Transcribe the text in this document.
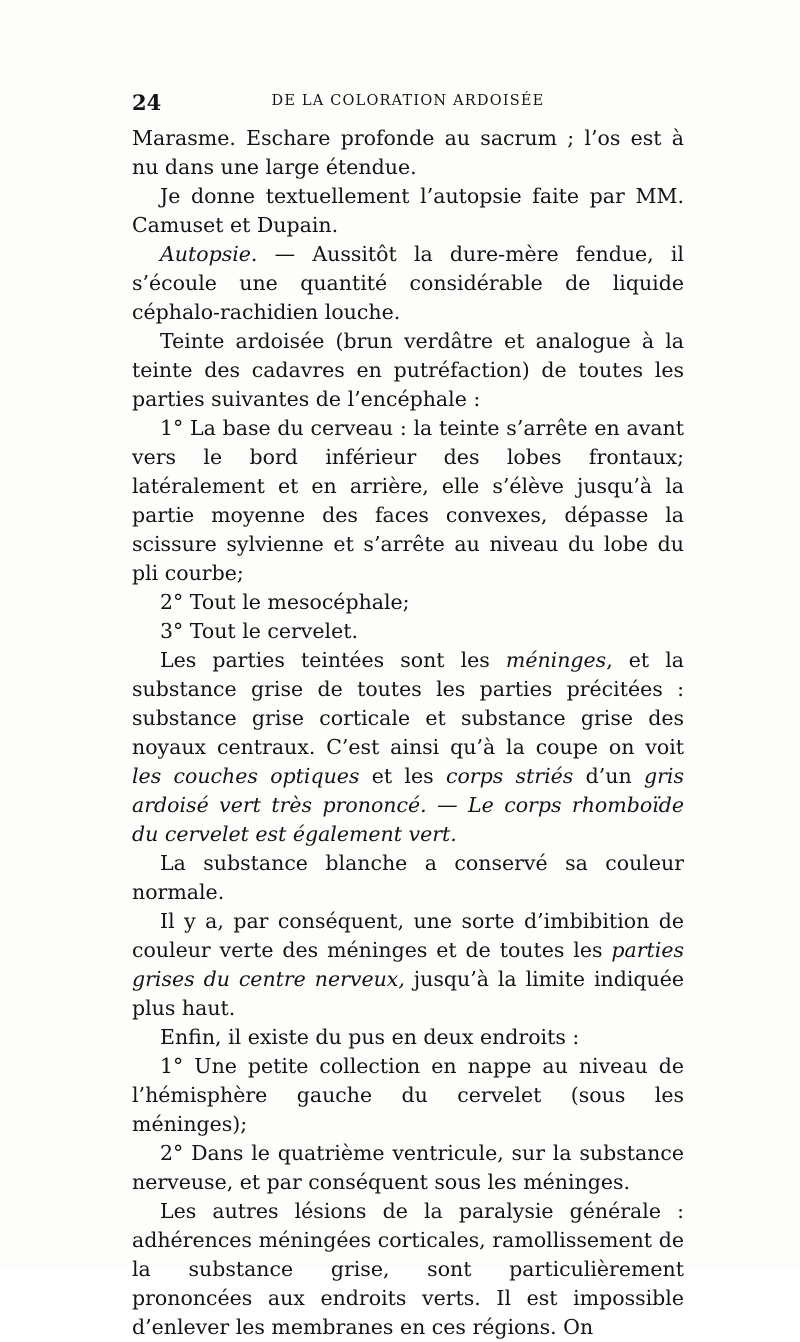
24	DE LA COLORATION ARDOISÉE

Marasme. Eschare profonde au sacrum ; l’os est à nu dans une large étendue.

Je donne textuellement l’autopsie faite par MM. Camuset et Dupain.

Autopsie. — Aussitôt la dure-mère fendue, il s’écoule une quantité considérable de liquide céphalo-rachidien louche.

Teinte ardoisée (brun verdâtre et analogue à la teinte des cadavres en putréfaction) de toutes les parties suivantes de l’encéphale :

1° La base du cerveau : la teinte s’arrête en avant vers le bord inférieur des lobes frontaux; latéralement et en arrière, elle s’élève jusqu’à la partie moyenne des faces convexes, dépasse la scissure sylvienne et s’arrête au niveau du lobe du pli courbe;

2° Tout le mesocéphale;

3° Tout le cervelet.

Les parties teintées sont les méninges, et la substance grise de toutes les parties précitées : substance grise corticale et substance grise des noyaux centraux. C’est ainsi qu’à la coupe on voit les couches optiques et les corps striés d’un gris ardoisé vert très prononcé. — Le corps rhomboïde du cervelet est également vert.

La substance blanche a conservé sa couleur normale.

Il y a, par conséquent, une sorte d’imbibition de couleur verte des méninges et de toutes les parties grises du centre nerveux, jusqu’à la limite indiquée plus haut.

Enfin, il existe du pus en deux endroits :

1° Une petite collection en nappe au niveau de l’hémisphère gauche du cervelet (sous les méninges);

2° Dans le quatrième ventricule, sur la substance nerveuse, et par conséquent sous les méninges.

Les autres lésions de la paralysie générale : adhérences méningées corticales, ramollissement de la substance grise, sont particulièrement prononcées aux endroits verts. Il est impossible d’enlever les membranes en ces régions. On
